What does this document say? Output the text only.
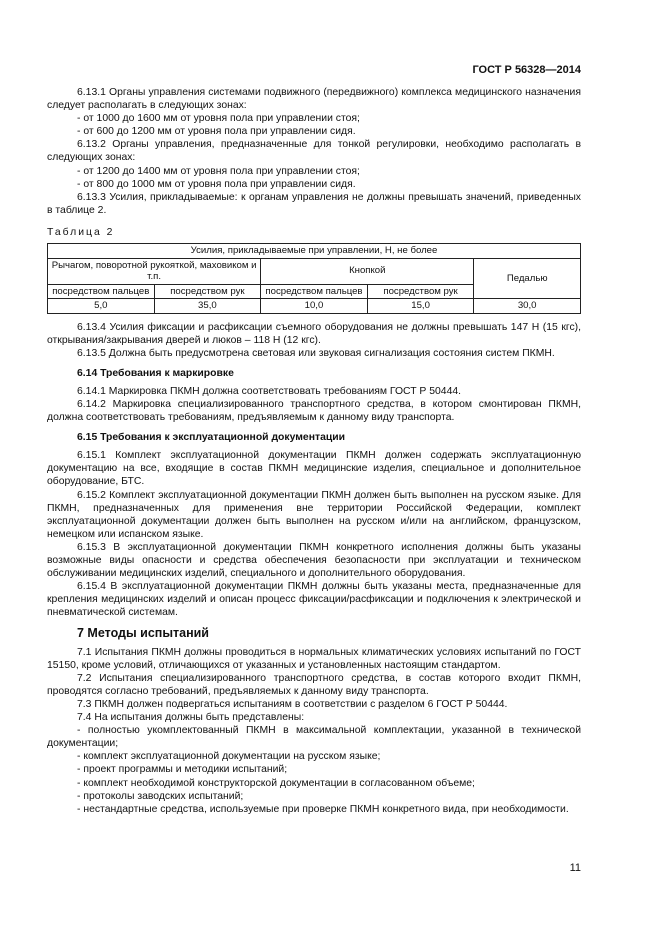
ГОСТ Р 56328—2014

6.13.1 Органы управления системами подвижного (передвижного) комплекса медицинского назначения следует располагать в следующих зонах:

- от 1000 до 1600 мм от уровня пола при управлении стоя;

- от 600 до 1200 мм от уровня пола при управлении сидя.

6.13.2 Органы управления, предназначенные для тонкой регулировки, необходимо располагать в следующих зонах:

- от 1200 до 1400 мм от уровня пола при управлении стоя;

- от 800 до 1000 мм от уровня пола при управлении сидя.

6.13.3 Усилия, прикладываемые: к органам управления не должны превышать значений, приведенных в таблице 2.

Таблица 2

Усилия, прикладываемые при управлении, Н, не более				
Рычагом, поворотной рукояткой, маховиком и т.п.		Кнопкой		Педалью
посредством пальцев	посредством рук	посредством пальцев	посредством рук	
5,0	35,0	10,0	15,0	30,0

6.13.4 Усилия фиксации и расфиксации съемного оборудования не должны превышать 147 Н (15 кгс), открывания/закрывания дверей и люков – 118 Н (12 кгс).

6.13.5 Должна быть предусмотрена световая или звуковая сигнализация состояния систем ПКМН.

6.14 Требования к маркировке

6.14.1 Маркировка ПКМН должна соответствовать требованиям ГОСТ Р 50444.

6.14.2 Маркировка специализированного транспортного средства, в котором смонтирован ПКМН, должна соответствовать требованиям, предъявляемым к данному виду транспорта.

6.15 Требования к эксплуатационной документации

6.15.1 Комплект эксплуатационной документации ПКМН должен содержать эксплуатационную документацию на все, входящие в состав ПКМН медицинские изделия, специальное и дополнительное оборудование, БТС.

6.15.2 Комплект эксплуатационной документации ПКМН должен быть выполнен на русском языке. Для ПКМН, предназначенных для применения вне территории Российской Федерации, комплект эксплуатационной документации должен быть выполнен на русском и/или на английском, французском, немецком или испанском языке.

6.15.3 В эксплуатационной документации ПКМН конкретного исполнения должны быть указаны возможные виды опасности и средства обеспечения безопасности при эксплуатации и техническом обслуживании медицинских изделий, специального и дополнительного оборудования.

6.15.4 В эксплуатационной документации ПКМН должны быть указаны места, предназначенные для крепления медицинских изделий и описан процесс фиксации/расфиксации и подключения к электрической и пневматической системам.

7 Методы испытаний

7.1 Испытания ПКМН должны проводиться в нормальных климатических условиях испытаний по ГОСТ 15150, кроме условий, отличающихся от указанных и установленных настоящим стандартом.

7.2 Испытания специализированного транспортного средства, в состав которого входит ПКМН, проводятся согласно требований, предъявляемых к данному виду транспорта.

7.3 ПКМН должен подвергаться испытаниям в соответствии с разделом 6 ГОСТ Р 50444.

7.4 На испытания должны быть представлены:

- полностью укомплектованный ПКМН в максимальной комплектации, указанной в технической документации;

- комплект эксплуатационной документации на русском языке;

- проект программы и методики испытаний;

- комплект необходимой конструкторской документации в согласованном объеме;

- протоколы заводских испытаний;

- нестандартные средства, используемые при проверке ПКМН конкретного вида, при необходимости.

11
